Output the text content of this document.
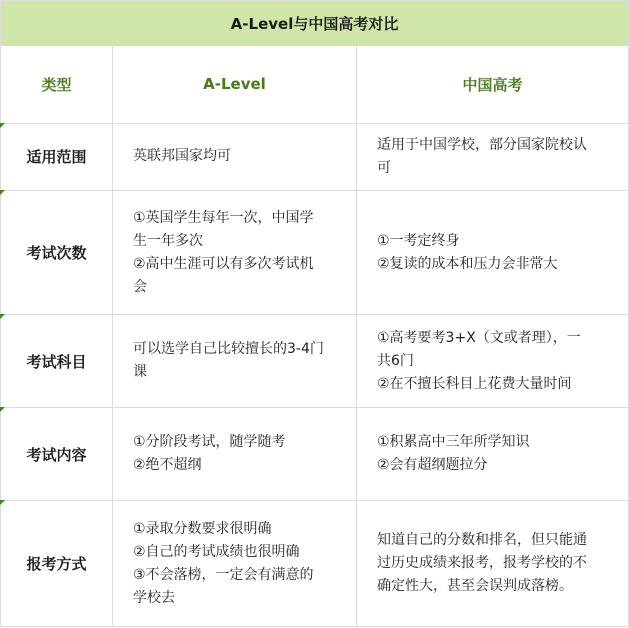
A-Level与中国高考对比		
类型	A-Level	中国高考

适用范围	英联邦国家均可	适用于中国学校，部分国家院校认
可

考试次数	①英国学生每年一次，中国学
生一年多次
②高中生涯可以有多次考试机
会	①一考定终身
②复读的成本和压力会非常大

考试科目	可以选学自己比较擅长的3-4门
课	①高考要考3+X（文或者理），一
共6门
②在不擅长科目上花费大量时间

考试内容	①分阶段考试，随学随考
②绝不超纲	①积累高中三年所学知识
②会有超纲题拉分

报考方式	①录取分数要求很明确
②自己的考试成绩也很明确
③不会落榜，一定会有满意的
学校去	知道自己的分数和排名，但只能通
过历史成绩来报考，报考学校的不
确定性大，甚至会误判成落榜。
